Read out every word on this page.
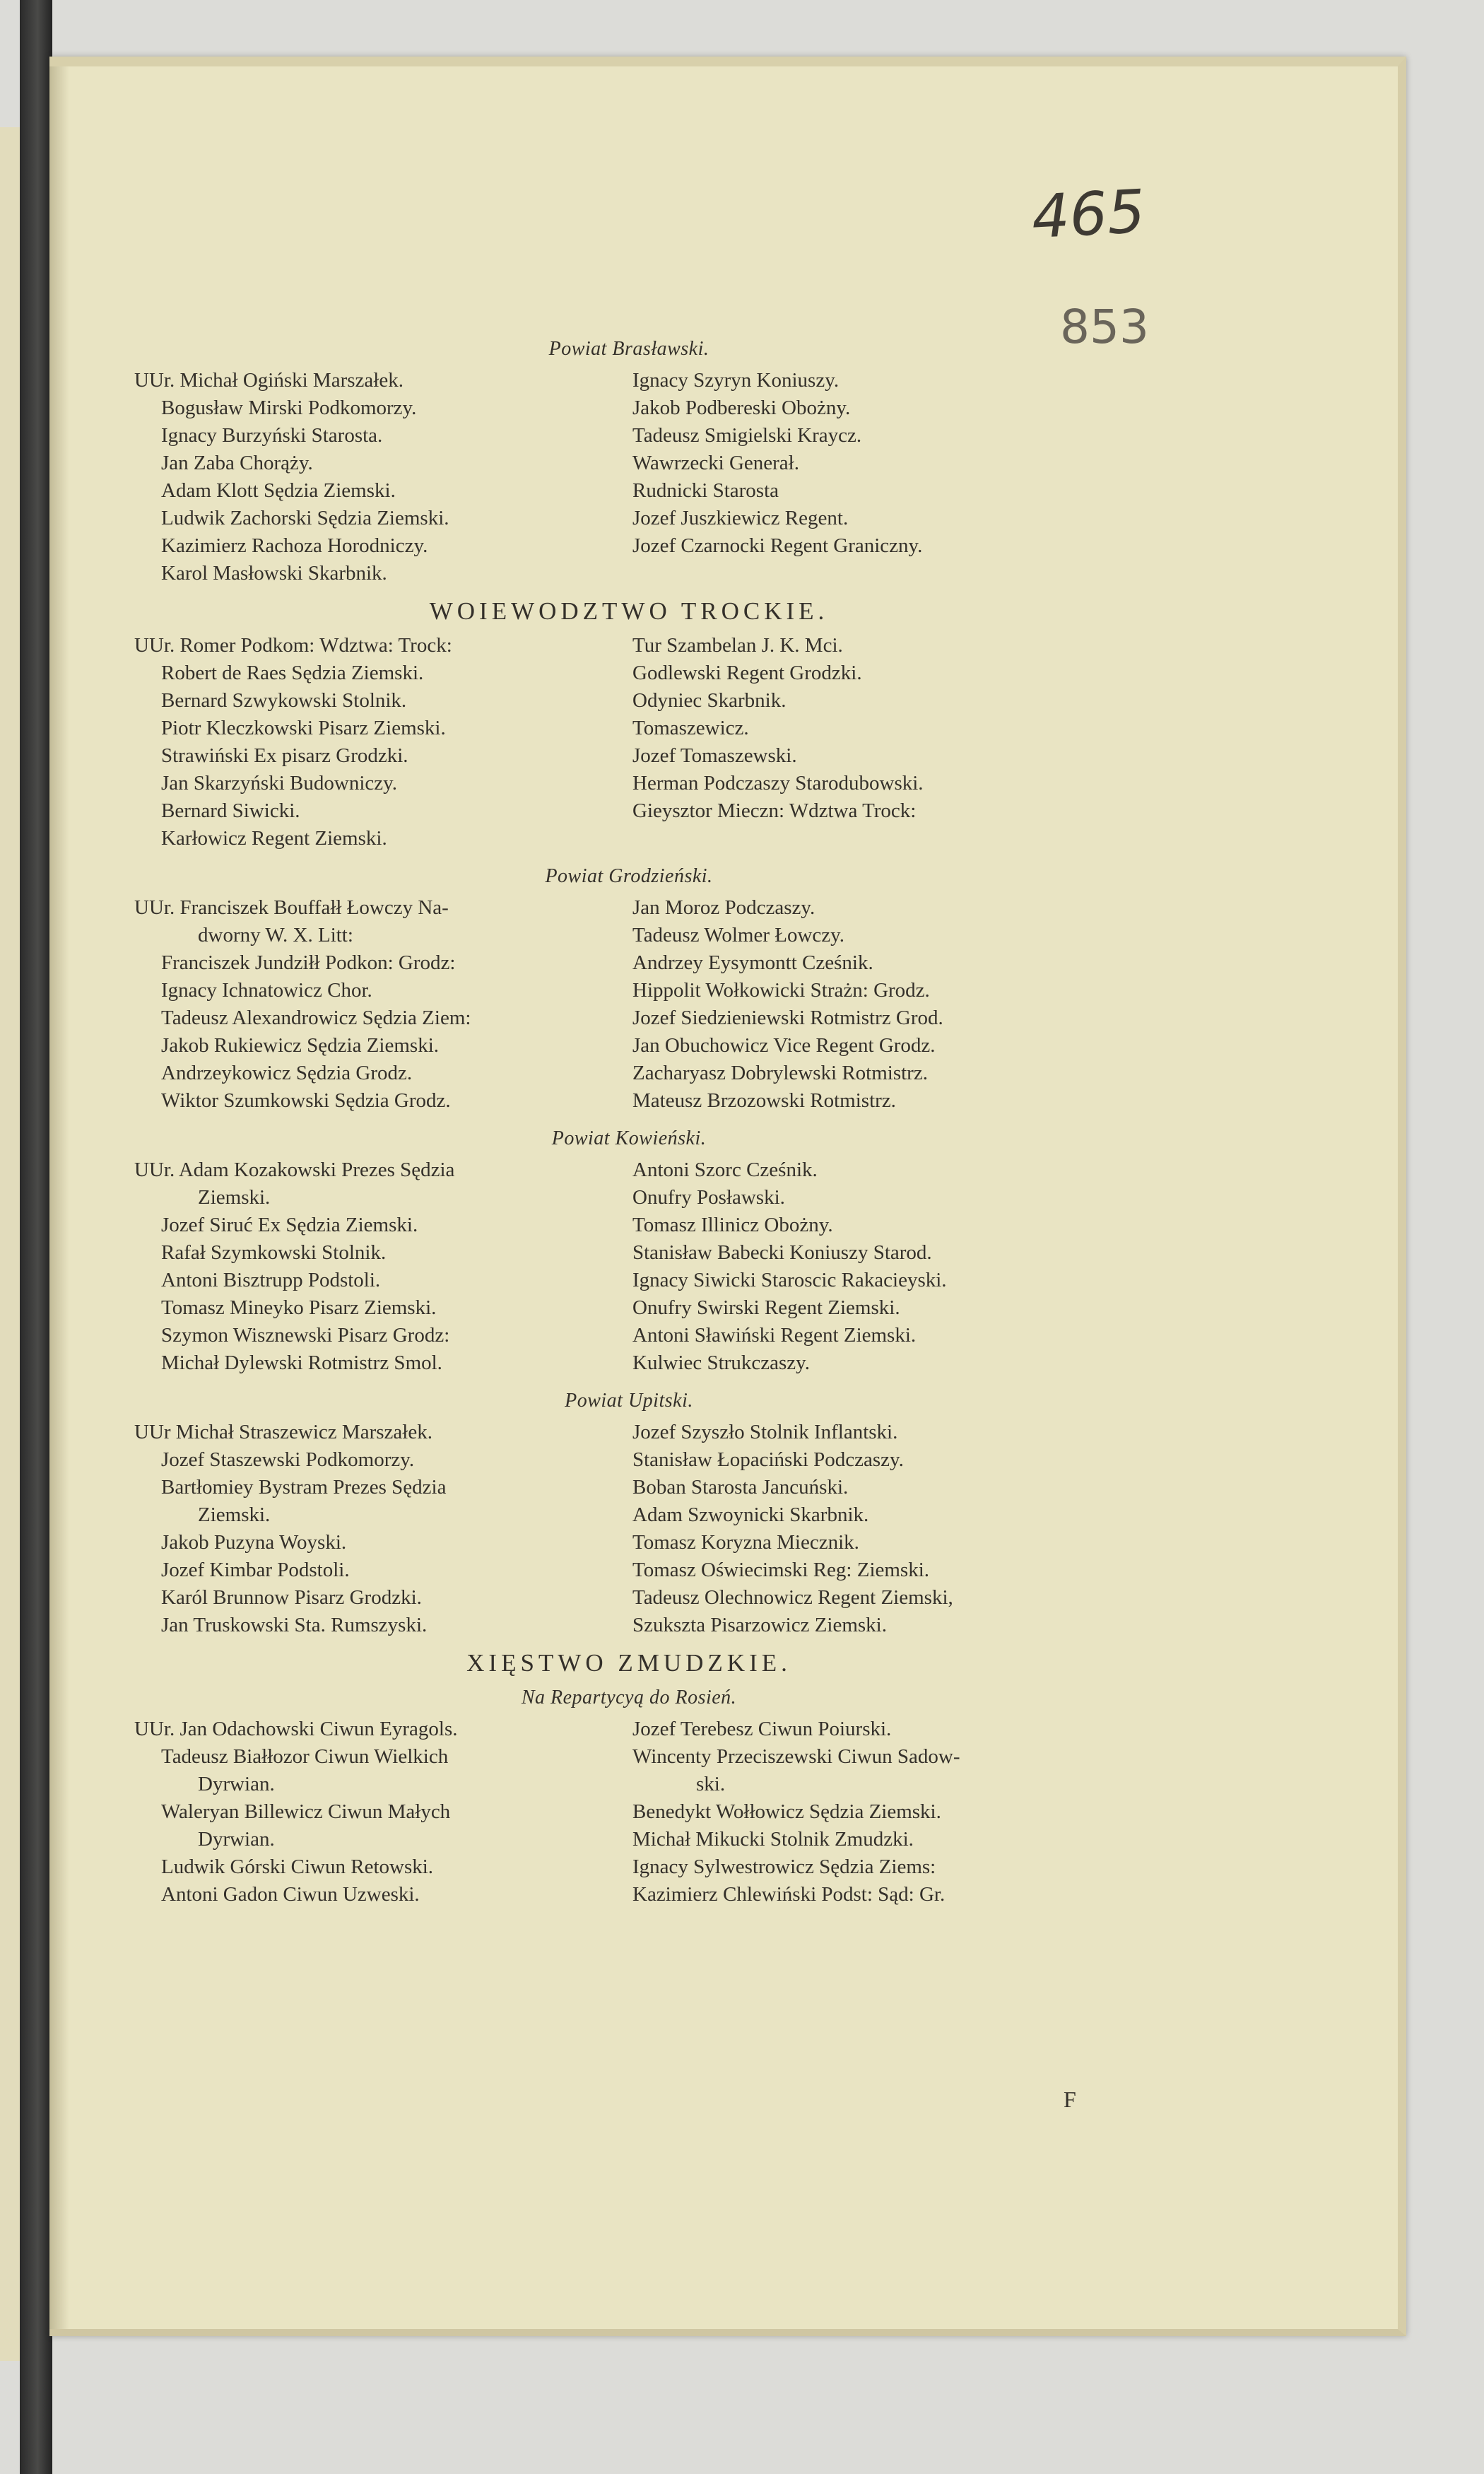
465
853
Powiat Brasławski.
UUr. Michał Ogiński Marszałek.
Bogusław Mirski Podkomorzy.
Ignacy Burzyński Starosta.
Jan Zaba Chorąży.
Adam Klott Sędzia Ziemski.
Ludwik Zachorski Sędzia Ziemski.
Kazimierz Rachoza Horodniczy.
Karol Masłowski Skarbnik.
Ignacy Szyryn Koniuszy.
Jakob Podbereski Obożny.
Tadeusz Smigielski Kraycz.
Wawrzecki Generał.
Rudnicki Starosta
Jozef Juszkiewicz Regent.
Jozef Czarnocki Regent Graniczny.
WOIEWODZTWO TROCKIE.
UUr. Romer Podkom: Wdztwa: Trock:
Robert de Raes Sędzia Ziemski.
Bernard Szwykowski Stolnik.
Piotr Kleczkowski Pisarz Ziemski.
Strawiński Ex pisarz Grodzki.
Jan Skarzyński Budowniczy.
Bernard Siwicki.
Karłowicz Regent Ziemski.
Tur Szambelan J. K. Mci.
Godlewski Regent Grodzki.
Odyniec Skarbnik.
Tomaszewicz.
Jozef Tomaszewski.
Herman Podczaszy Starodubowski.
Gieysztor Mieczn: Wdztwa Trock:
Powiat Grodzieński.
UUr. Franciszek Bouffałł Łowczy Na-
dworny W. X. Litt:
Franciszek Jundziłł Podkon: Grodz:
Ignacy Ichnatowicz Chor.
Tadeusz Alexandrowicz Sędzia Ziem:
Jakob Rukiewicz Sędzia Ziemski.
Andrzeykowicz Sędzia Grodz.
Wiktor Szumkowski Sędzia Grodz.
Jan Moroz Podczaszy.
Tadeusz Wolmer Łowczy.
Andrzey Eysymontt Cześnik.
Hippolit Wołkowicki Strażn: Grodz.
Jozef Siedzieniewski Rotmistrz Grod.
Jan Obuchowicz Vice Regent Grodz.
Zacharyasz Dobrylewski Rotmistrz.
Mateusz Brzozowski Rotmistrz.
Powiat Kowieński.
UUr. Adam Kozakowski Prezes Sędzia
Ziemski.
Jozef Siruć Ex Sędzia Ziemski.
Rafał Szymkowski Stolnik.
Antoni Bisztrupp Podstoli.
Tomasz Mineyko Pisarz Ziemski.
Szymon Wisznewski Pisarz Grodz:
Michał Dylewski Rotmistrz Smol.
Antoni Szorc Cześnik.
Onufry Posławski.
Tomasz Illinicz Obożny.
Stanisław Babecki Koniuszy Starod.
Ignacy Siwicki Staroscic Rakacieyski.
Onufry Swirski Regent Ziemski.
Antoni Sławiński Regent Ziemski.
Kulwiec Strukczaszy.
Powiat Upitski.
UUr Michał Straszewicz Marszałek.
Jozef Staszewski Podkomorzy.
Bartłomiey Bystram Prezes Sędzia
Ziemski.
Jakob Puzyna Woyski.
Jozef Kimbar Podstoli.
Karól Brunnow Pisarz Grodzki.
Jan Truskowski Sta. Rumszyski.
Jozef Szyszło Stolnik Inflantski.
Stanisław Łopaciński Podczaszy.
Boban Starosta Jancuński.
Adam Szwoynicki Skarbnik.
Tomasz Koryzna Miecznik.
Tomasz Oświecimski Reg: Ziemski.
Tadeusz Olechnowicz Regent Ziemski,
Szukszta Pisarzowicz Ziemski.
XIĘSTWO ZMUDZKIE.
Na Repartycyą do Rosień.
UUr. Jan Odachowski Ciwun Eyragols.
Tadeusz Białłozor Ciwun Wielkich
Dyrwian.
Waleryan Billewicz Ciwun Małych
Dyrwian.
Ludwik Górski Ciwun Retowski.
Antoni Gadon Ciwun Uzweski.
Jozef Terebesz Ciwun Poiurski.
Wincenty Przeciszewski Ciwun Sadow-
ski.
Benedykt Wołłowicz Sędzia Ziemski.
Michał Mikucki Stolnik Zmudzki.
Ignacy Sylwestrowicz Sędzia Ziems:
Kazimierz Chlewiński Podst: Sąd: Gr.
F
